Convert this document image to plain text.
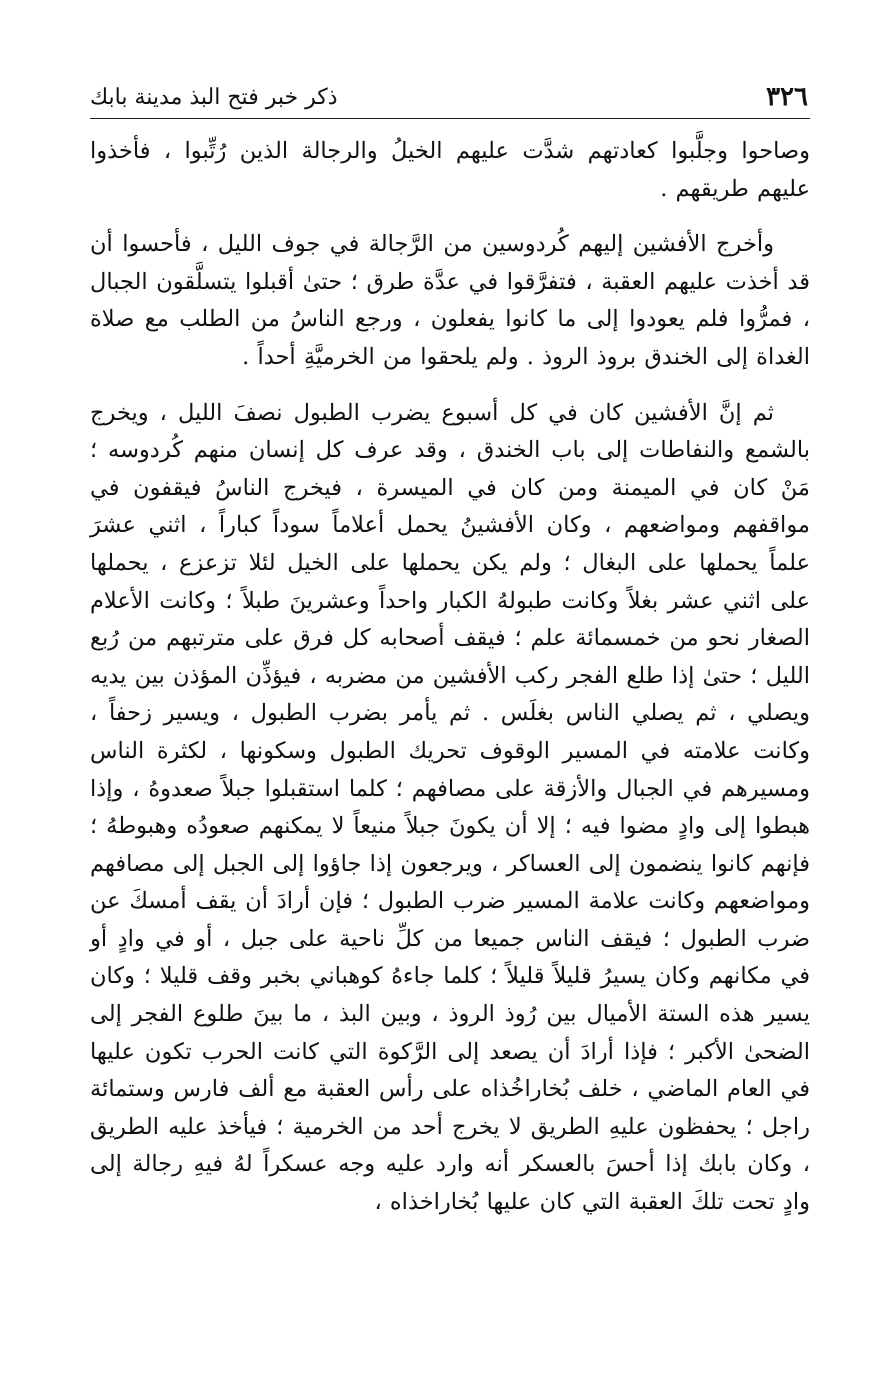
٣٢٦
ذكر خبر فتح البذ مدينة بابك

وصاحوا وجلَّبوا كعادتهم شدَّت عليهم الخيلُ والرجالة الذين رُتِّبوا ، فأخذوا عليهم طريقهم .

وأخرج الأفشين إليهم كُردوسين من الرَّجالة في جوف الليل ، فأحسوا أن قد أخذت عليهم العقبة ، فتفرَّقوا في عدَّة طرق ؛ حتىٰ أقبلوا يتسلَّقون الجبال ، فمرُّوا فلم يعودوا إلى ما كانوا يفعلون ، ورجع الناسُ من الطلب مع صلاة الغداة إلى الخندق بروذ الروذ . ولم يلحقوا من الخرميَّةِ أحداً .

ثم إنَّ الأفشين كان في كل أسبوع يضرب الطبول نصفَ الليل ، ويخرج بالشمع والنفاطات إلى باب الخندق ، وقد عرف كل إنسان منهم كُردوسه ؛ مَنْ كان في الميمنة ومن كان في الميسرة ، فيخرج الناسُ فيقفون في مواقفهم ومواضعهم ، وكان الأفشينُ يحمل أعلاماً سوداً كباراً ، اثني عشرَ علماً يحملها على البغال ؛ ولم يكن يحملها على الخيل لئلا تزعزع ، يحملها على اثني عشر بغلاً وكانت طبولهُ الكبار واحداً وعشرينَ طبلاً ؛ وكانت الأعلام الصغار نحو من خمسمائة علم ؛ فيقف أصحابه كل فرق على مترتبهم من رُبع الليل ؛ حتىٰ إذا طلع الفجر ركب الأفشين من مضربه ، فيؤذِّن المؤذن بين يديه ويصلي ، ثم يصلي الناس بغلَس . ثم يأمر بضرب الطبول ، ويسير زحفاً ، وكانت علامته في المسير الوقوف تحريك الطبول وسكونها ، لكثرة الناس ومسيرهم في الجبال والأزقة على مصافهم ؛ كلما استقبلوا جبلاً صعدوهُ ، وإذا هبطوا إلى وادٍ مضوا فيه ؛ إلا أن يكونَ جبلاً منيعاً لا يمكنهم صعودُه وهبوطهُ ؛ فإنهم كانوا ينضمون إلى العساكر ، ويرجعون إذا جاؤوا إلى الجبل إلى مصافهم ومواضعهم وكانت علامة المسير ضرب الطبول ؛ فإن أرادَ أن يقف أمسكَ عن ضرب الطبول ؛ فيقف الناس جميعا من كلِّ ناحية على جبل ، أو في وادٍ أو في مكانهم وكان يسيرُ قليلاً قليلاً ؛ كلما جاءهُ كوهباني بخبر وقف قليلا ؛ وكان يسير هذه الستة الأميال بين رُوذ الروذ ، وبين البذ ، ما بينَ طلوع الفجر إلى الضحىٰ الأكبر ؛ فإذا أرادَ أن يصعد إلى الرَّكوة التي كانت الحرب تكون عليها في العام الماضي ، خلف بُخاراخُذاه على رأس العقبة مع ألف فارس وستمائة راجل ؛ يحفظون عليهِ الطريق لا يخرج أحد من الخرمية ؛ فيأخذ عليه الطريق ، وكان بابك إذا أحسَ بالعسكر أنه وارد عليه وجه عسكراً لهُ فيهِ رجالة إلى وادٍ تحت تلكَ العقبة التي كان عليها بُخاراخذاه ،
